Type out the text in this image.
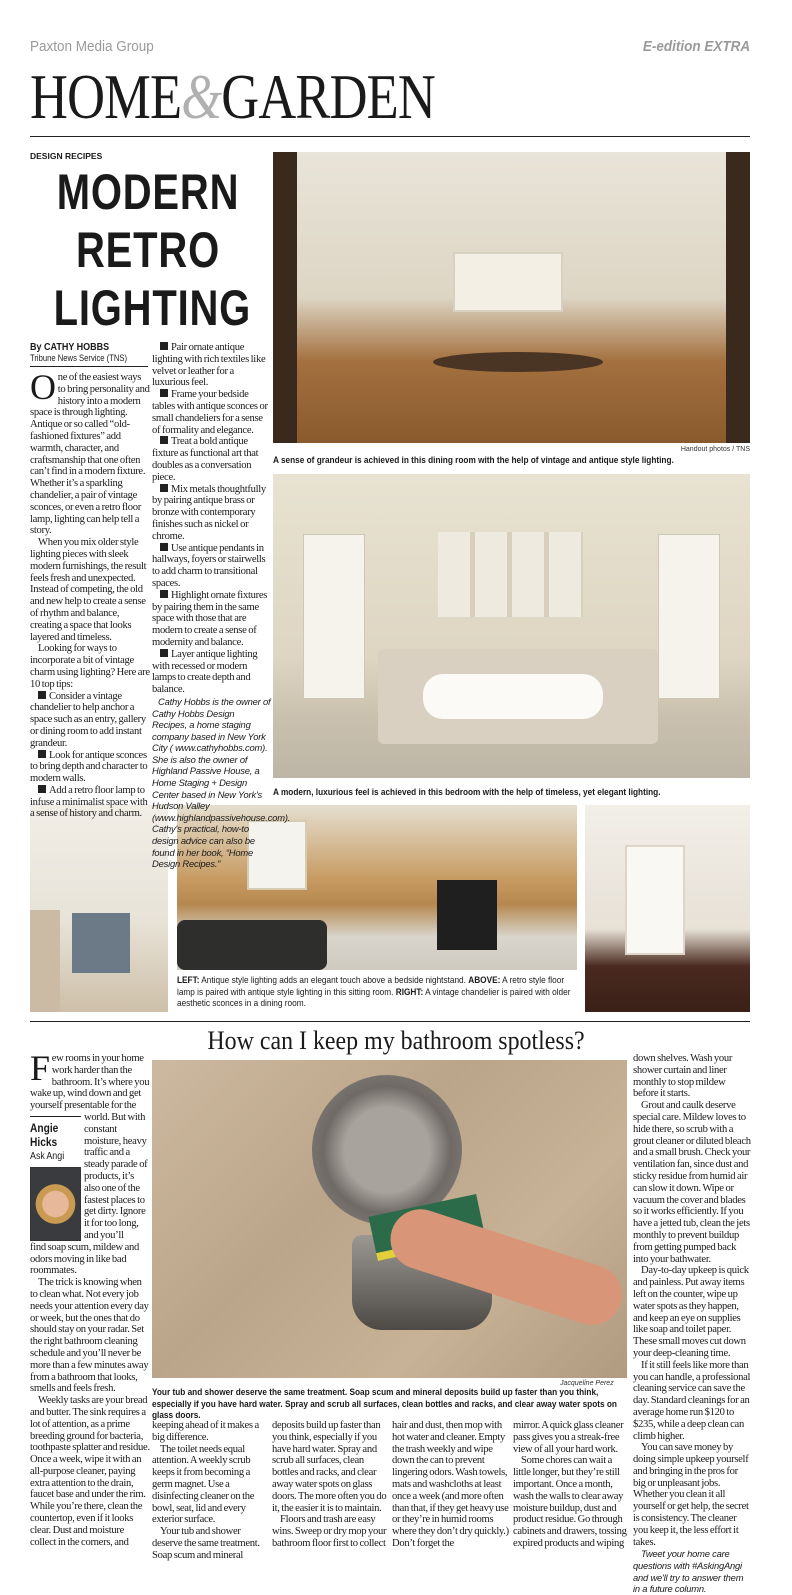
Paxton Media Group	E-edition EXTRA
HOME&GARDEN
DESIGN RECIPES
MODERN
RETRO
LIGHTING
By CATHY HOBBS
Tribune News Service (TNS)

One of the easiest ways to bring personality and history into a modern space is through lighting. Antique or so called “old-fashioned fixtures” add warmth, character, and craftsmanship that one often can’t find in a modern fixture. Whether it’s a sparkling chandelier, a pair of vintage sconces, or even a retro floor lamp, lighting can help tell a story.

When you mix older style lighting pieces with sleek modern furnishings, the result feels fresh and unexpected. Instead of competing, the old and new help to create a sense of rhythm and balance, creating a space that looks layered and timeless.

Looking for ways to incorporate a bit of vintage charm using lighting? Here are 10 top tips:

Consider a vintage chandelier to help anchor a space such as an entry, gallery or dining room to add instant grandeur.

Look for antique sconces to bring depth and character to modern walls.

Add a retro floor lamp to infuse a minimalist space with a sense of history and charm.

Pair ornate antique lighting with rich textiles like velvet or leather for a luxurious feel.

Frame your bedside tables with antique sconces or small chandeliers for a sense of formality and elegance.

Treat a bold antique fixture as functional art that doubles as a conversation piece.

Mix metals thoughtfully by pairing antique brass or bronze with contemporary finishes such as nickel or chrome.

Use antique pendants in hallways, foyers or stairwells to add charm to transitional spaces.

Highlight ornate fixtures by pairing them in the same space with those that are modern to create a sense of modernity and balance.

Layer antique lighting with recessed or modern lamps to create depth and balance.

Cathy Hobbs is the owner of Cathy Hobbs Design Recipes, a home staging company based in New York City ( www.cathyhobbs.com). She is also the owner of Highland Passive House, a Home Staging + Design Center based in New York's Hudson Valley (www.highlandpassivehouse.com). Cathy's practical, how-to design advice can also be found in her book, “Home Design Recipes.”

Handout photos / TNS
A sense of grandeur is achieved in this dining room with the help of vintage and antique style lighting.
A modern, luxurious feel is achieved in this bedroom with the help of timeless, yet elegant lighting.
LEFT: Antique style lighting adds an elegant touch above a bedside nightstand. ABOVE: A retro style floor lamp is paired with antique style lighting in this sitting room. RIGHT: A vintage chandelier is paired with older aesthetic sconces in a dining room.
How can I keep my bathroom spotless?

Few rooms in your home work harder than the bathroom. It’s where you wake up, wind down and get yourself presentable for the

Angie
Hicks
Ask Angi
world. But with constant moisture, heavy traffic and a steady parade of products, it’s also one of the fastest places to get dirty. Ignore it for too long, and you’ll

find soap scum, mildew and odors moving in like bad roommates.

The trick is knowing when to clean what. Not every job needs your attention every day or week, but the ones that do should stay on your radar. Set the right bathroom cleaning schedule and you’ll never be more than a few minutes away from a bathroom that looks, smells and feels fresh.

Weekly tasks are your bread and butter. The sink requires a lot of attention, as a prime breeding ground for bacteria, toothpaste splatter and residue. Once a week, wipe it with an all-purpose cleaner, paying extra attention to the drain, faucet base and under the rim. While you’re there, clean the countertop, even if it looks clear. Dust and moisture collect in the corners, and

Jacqueline Perez
Your tub and shower deserve the same treatment. Soap scum and mineral deposits build up faster than you think, especially if you have hard water. Spray and scrub all surfaces, clean bottles and racks, and clear away water spots on glass doors.

keeping ahead of it makes a big difference.

The toilet needs equal attention. A weekly scrub keeps it from becoming a germ magnet. Use a disinfecting cleaner on the bowl, seat, lid and every exterior surface.

Your tub and shower deserve the same treatment. Soap scum and mineral

deposits build up faster than you think, especially if you have hard water. Spray and scrub all surfaces, clean bottles and racks, and clear away water spots on glass doors. The more often you do it, the easier it is to maintain.

Floors and trash are easy wins. Sweep or dry mop your bathroom floor first to collect

hair and dust, then mop with hot water and cleaner. Empty the trash weekly and wipe down the can to prevent lingering odors. Wash towels, mats and washcloths at least once a week (and more often than that, if they get heavy use or they’re in humid rooms where they don’t dry quickly.) Don’t forget the

mirror. A quick glass cleaner pass gives you a streak-free view of all your hard work.

Some chores can wait a little longer, but they’re still important. Once a month, wash the walls to clear away moisture buildup, dust and product residue. Go through cabinets and drawers, tossing expired products and wiping

down shelves. Wash your shower curtain and liner monthly to stop mildew before it starts.

Grout and caulk deserve special care. Mildew loves to hide there, so scrub with a grout cleaner or diluted bleach and a small brush. Check your ventilation fan, since dust and sticky residue from humid air can slow it down. Wipe or vacuum the cover and blades so it works efficiently. If you have a jetted tub, clean the jets monthly to prevent buildup from getting pumped back into your bathwater.

Day-to-day upkeep is quick and painless. Put away items left on the counter, wipe up water spots as they happen, and keep an eye on supplies like soap and toilet paper. These small moves cut down your deep-cleaning time.

If it still feels like more than you can handle, a professional cleaning service can save the day. Standard cleanings for an average home run $120 to $235, while a deep clean can climb higher.

You can save money by doing simple upkeep yourself and bringing in the pros for big or unpleasant jobs. Whether you clean it all yourself or get help, the secret is consistency. The cleaner you keep it, the less effort it takes.

Tweet your home care questions with #AskingAngi and we'll try to answer them in a future column.
